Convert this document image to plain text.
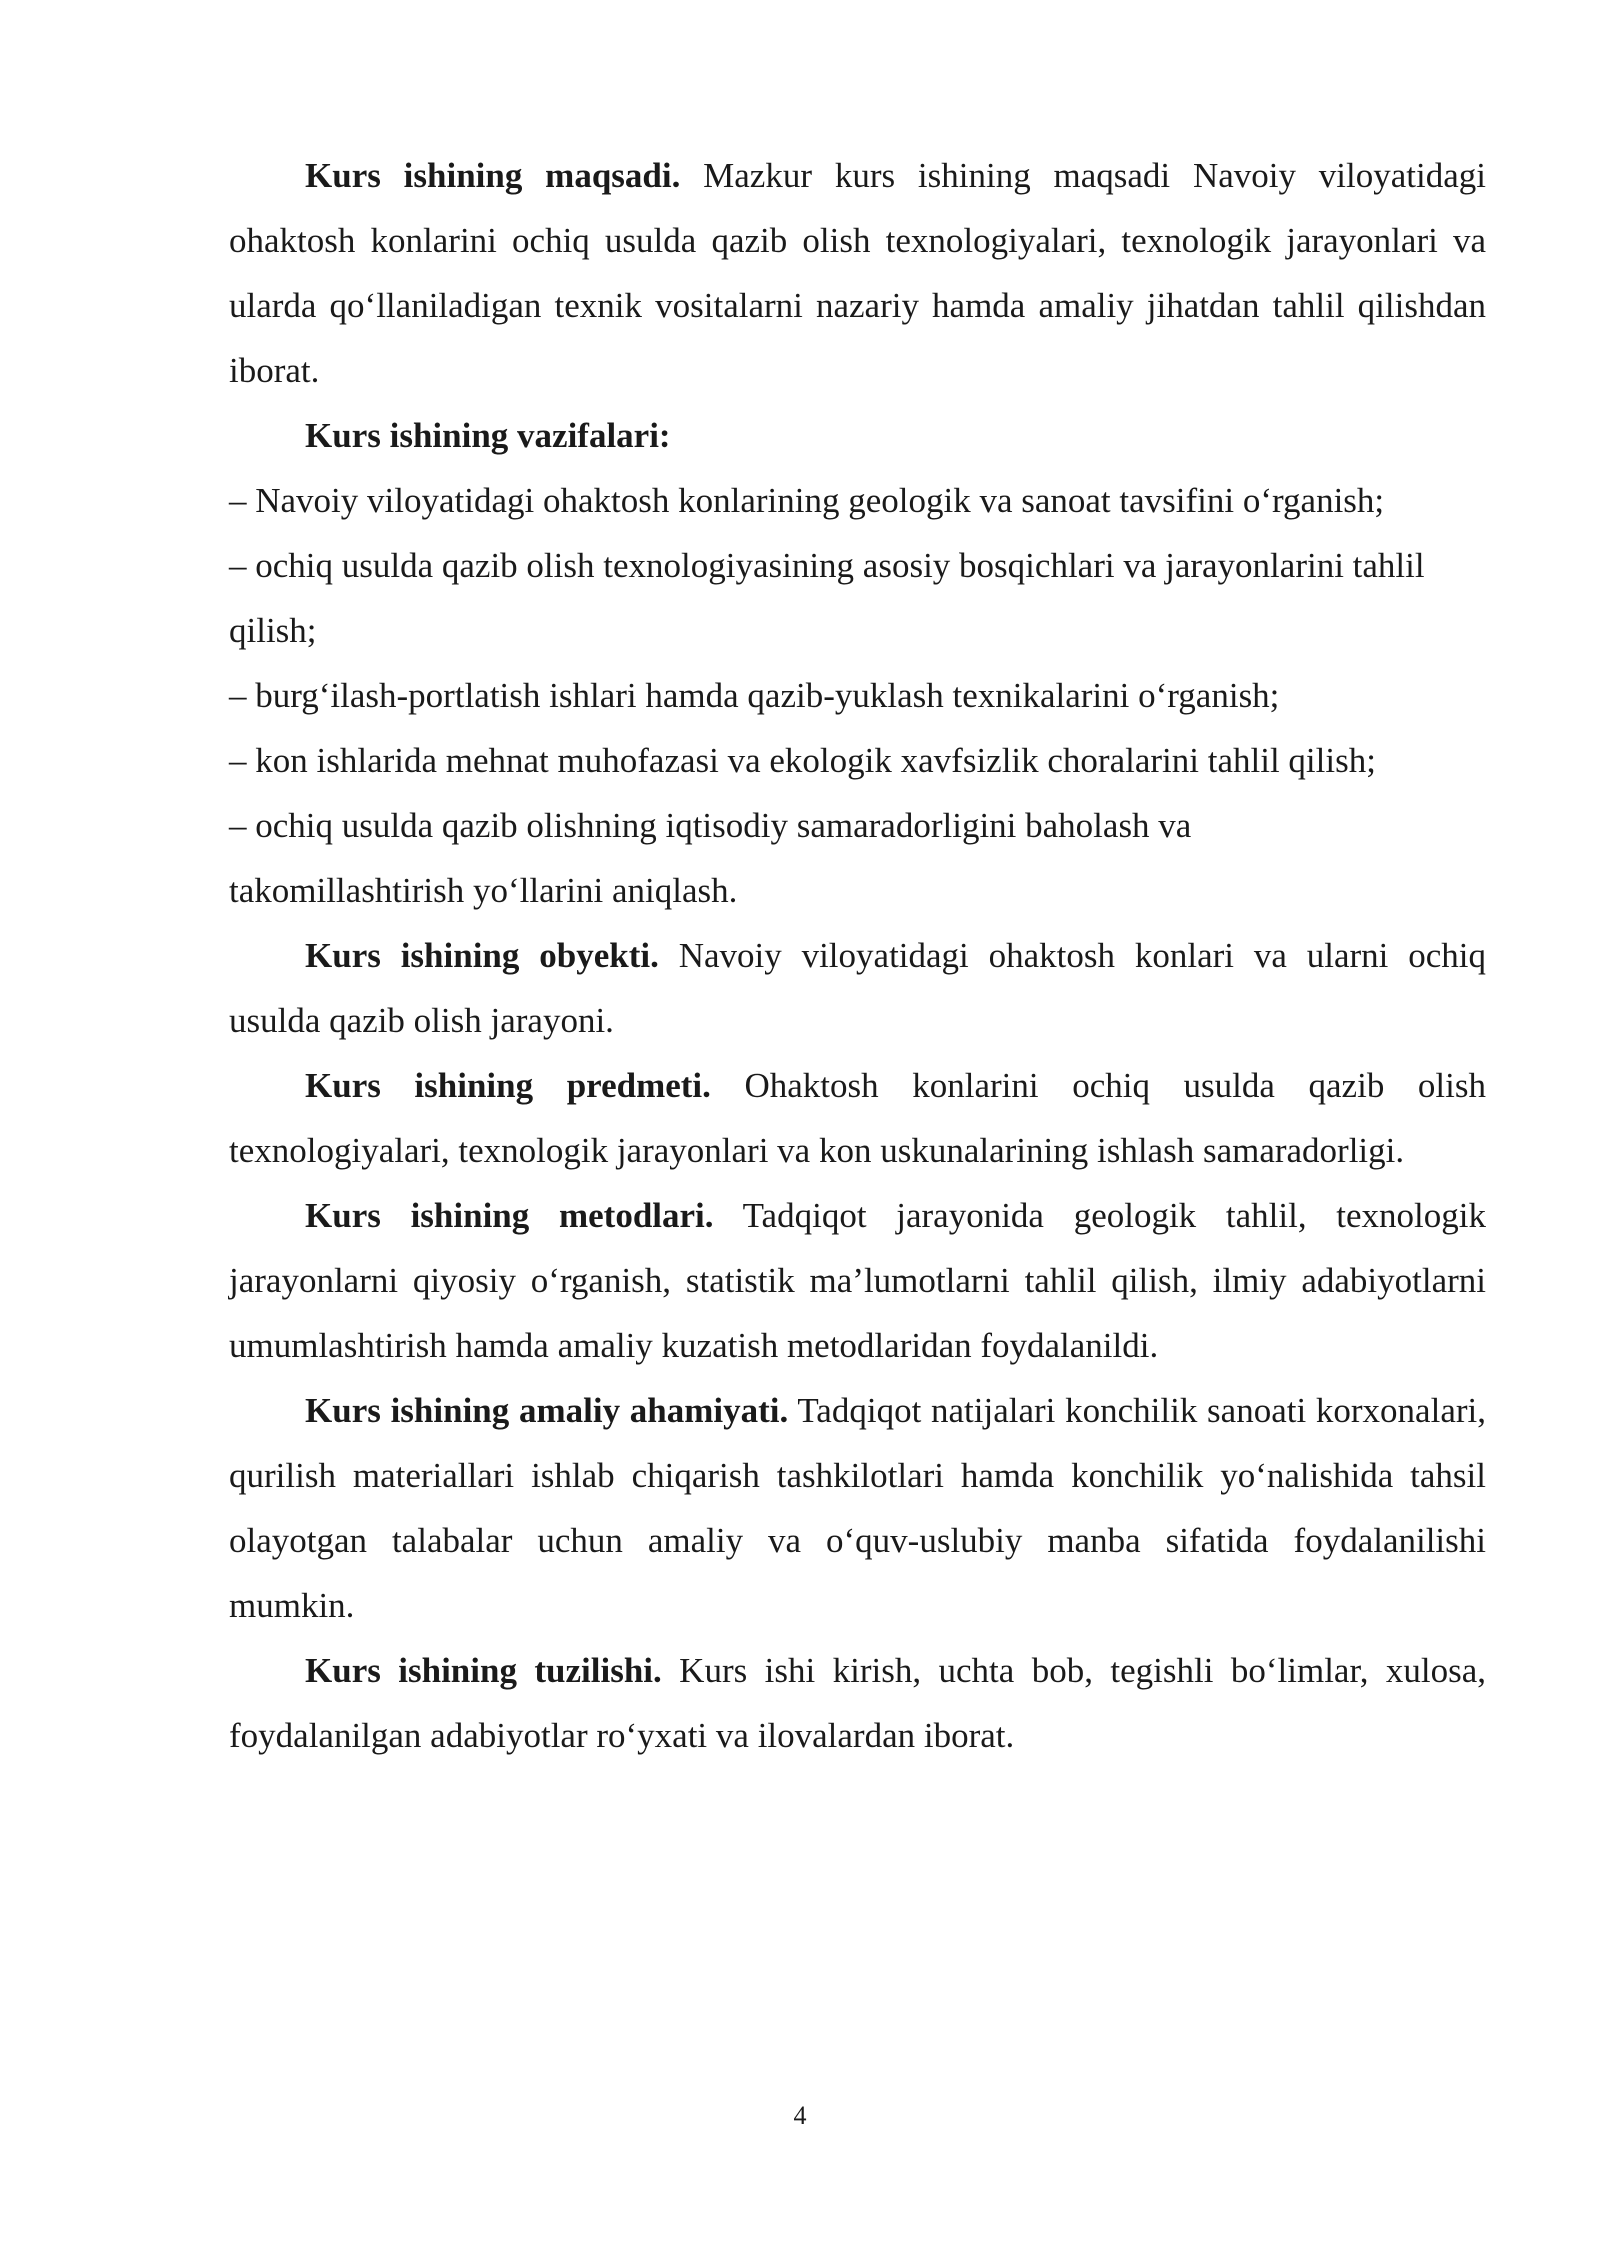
Kurs ishining maqsadi. Mazkur kurs ishining maqsadi Navoiy viloyatidagi ohaktosh konlarini ochiq usulda qazib olish texnologiyalari, texnologik jarayonlari va ularda qo‘llaniladigan texnik vositalarni nazariy hamda amaliy jihatdan tahlil qilishdan iborat.

Kurs ishining vazifalari:

– Navoiy viloyatidagi ohaktosh konlarining geologik va sanoat tavsifini o‘rganish;

– ochiq usulda qazib olish texnologiyasining asosiy bosqichlari va jarayonlarini tahlil qilish;

– burg‘ilash-portlatish ishlari hamda qazib-yuklash texnikalarini o‘rganish;

– kon ishlarida mehnat muhofazasi va ekologik xavfsizlik choralarini tahlil qilish;

– ochiq usulda qazib olishning iqtisodiy samaradorligini baholash va takomillashtirish yo‘llarini aniqlash.

Kurs ishining obyekti. Navoiy viloyatidagi ohaktosh konlari va ularni ochiq usulda qazib olish jarayoni.

Kurs ishining predmeti. Ohaktosh konlarini ochiq usulda qazib olish texnologiyalari, texnologik jarayonlari va kon uskunalarining ishlash samaradorligi.

Kurs ishining metodlari. Tadqiqot jarayonida geologik tahlil, texnologik jarayonlarni qiyosiy o‘rganish, statistik ma’lumotlarni tahlil qilish, ilmiy adabiyotlarni umumlashtirish hamda amaliy kuzatish metodlaridan foydalanildi.

Kurs ishining amaliy ahamiyati. Tadqiqot natijalari konchilik sanoati korxonalari, qurilish materiallari ishlab chiqarish tashkilotlari hamda konchilik yo‘nalishida tahsil olayotgan talabalar uchun amaliy va o‘quv-uslubiy manba sifatida foydalanilishi mumkin.

Kurs ishining tuzilishi. Kurs ishi kirish, uchta bob, tegishli bo‘limlar, xulosa, foydalanilgan adabiyotlar ro‘yxati va ilovalardan iborat.

4
